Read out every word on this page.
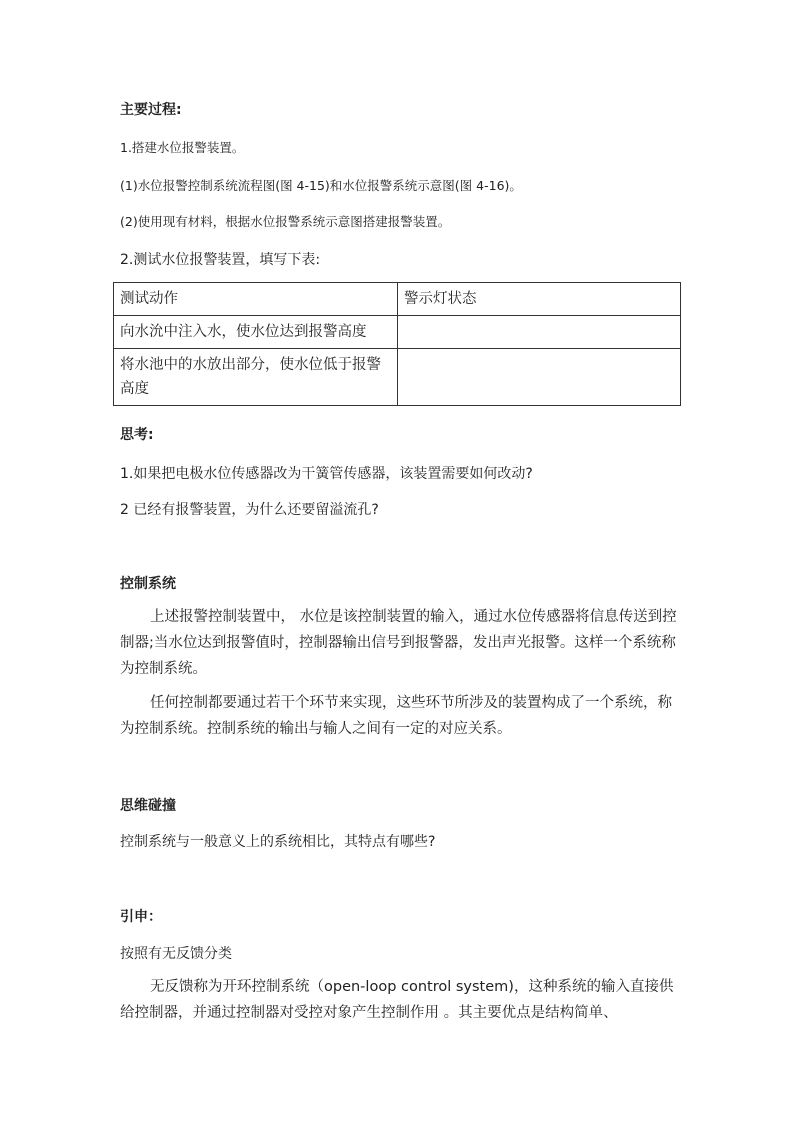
主要过程:

1.搭建水位报警装置。

(1)水位报警控制系统流程图(图 4-15)和水位报警系统示意图(图 4-16)。

(2)使用现有材料，根据水位报警系统示意图搭建报警装置。

2.测试水位报警装置，填写下表:

测试动作	警示灯状态
向水沇中注入水，使水位达到报警高度	
将水池中的水放出部分，使水位低于报警高度	

思考:

1.如果把电极水位传感器改为干簧管传感器，该装置需要如何改动?

2 已经有报警装置，为什么还要留溢流孔?

控制系统

上述报警控制装置中， 水位是该控制装置的输入，通过水位传感器将信息传送到控制器;当水位达到报警值时，控制器输出信号到报警器，发出声光报警。这样一个系统称为控制系统。

任何控制都要通过若干个环节来实现，这些环节所涉及的装置构成了一个系统，称为控制系统。控制系统的输出与输人之间有一定的对应关系。

思维碰撞

控制系统与一般意义上的系统相比，其特点有哪些?

引申：

按照有无反馈分类

无反馈称为开环控制系统（open-loop control system)，这种系统的输入直接供给控制器，并通过控制器对受控对象产生控制作用 。其主要优点是结构简单、
